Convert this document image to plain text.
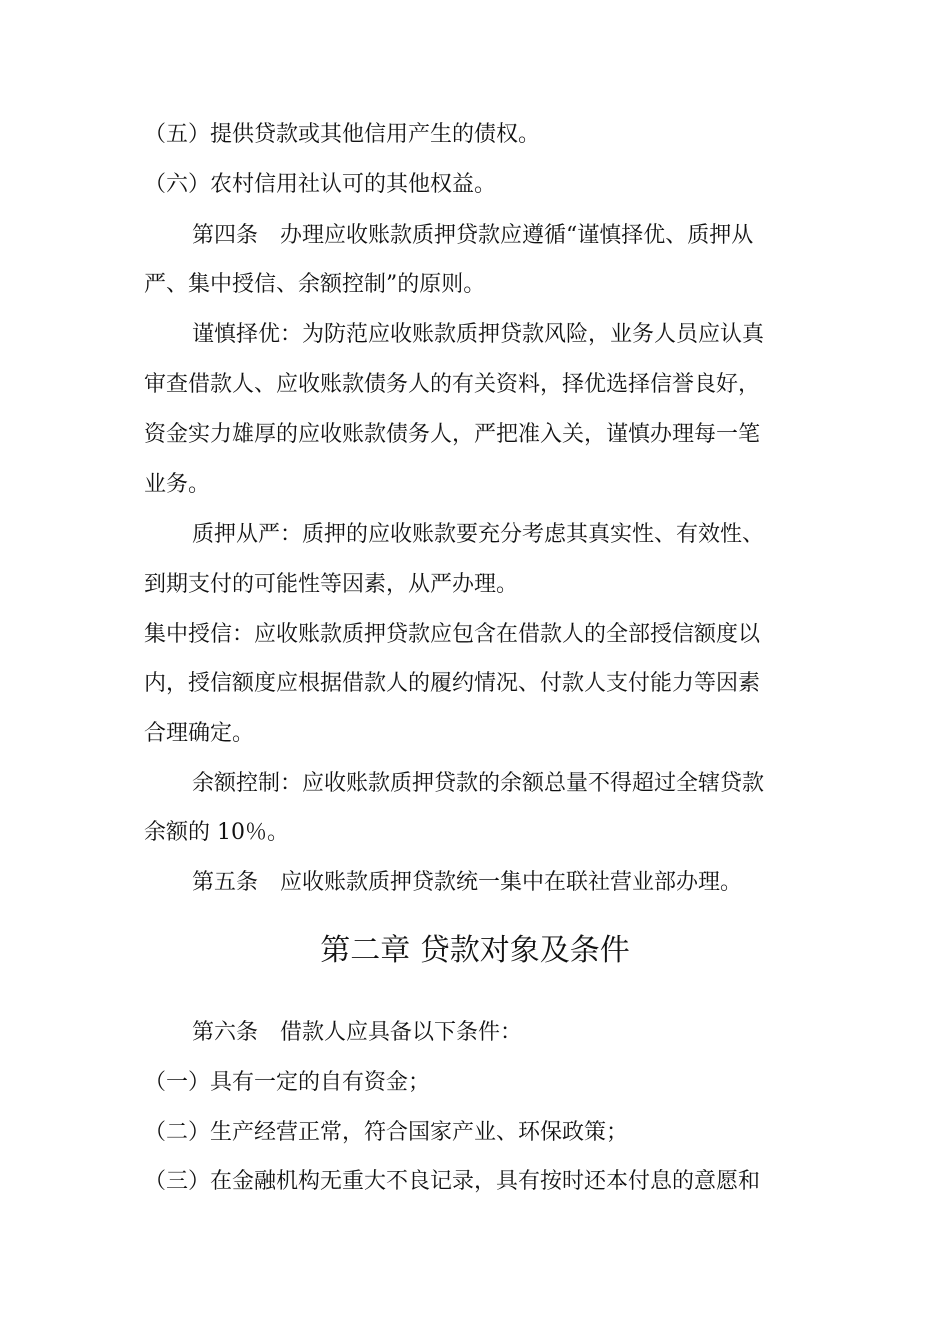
（五）提供贷款或其他信用产生的债权。
（六）农村信用社认可的其他权益。
第四条　办理应收账款质押贷款应遵循“谨慎择优、质押从
严、集中授信、余额控制”的原则。
谨慎择优：为防范应收账款质押贷款风险，业务人员应认真
审查借款人、应收账款债务人的有关资料，择优选择信誉良好，
资金实力雄厚的应收账款债务人，严把准入关，谨慎办理每一笔
业务。
质押从严：质押的应收账款要充分考虑其真实性、有效性、
到期支付的可能性等因素，从严办理。
集中授信：应收账款质押贷款应包含在借款人的全部授信额度以
内，授信额度应根据借款人的履约情况、付款人支付能力等因素
合理确定。
余额控制：应收账款质押贷款的余额总量不得超过全辖贷款
余额的 10％。
第五条　应收账款质押贷款统一集中在联社营业部办理。
第二章 贷款对象及条件
第六条　借款人应具备以下条件：
（一）具有一定的自有资金；
（二）生产经营正常，符合国家产业、环保政策；
（三）在金融机构无重大不良记录，具有按时还本付息的意愿和
